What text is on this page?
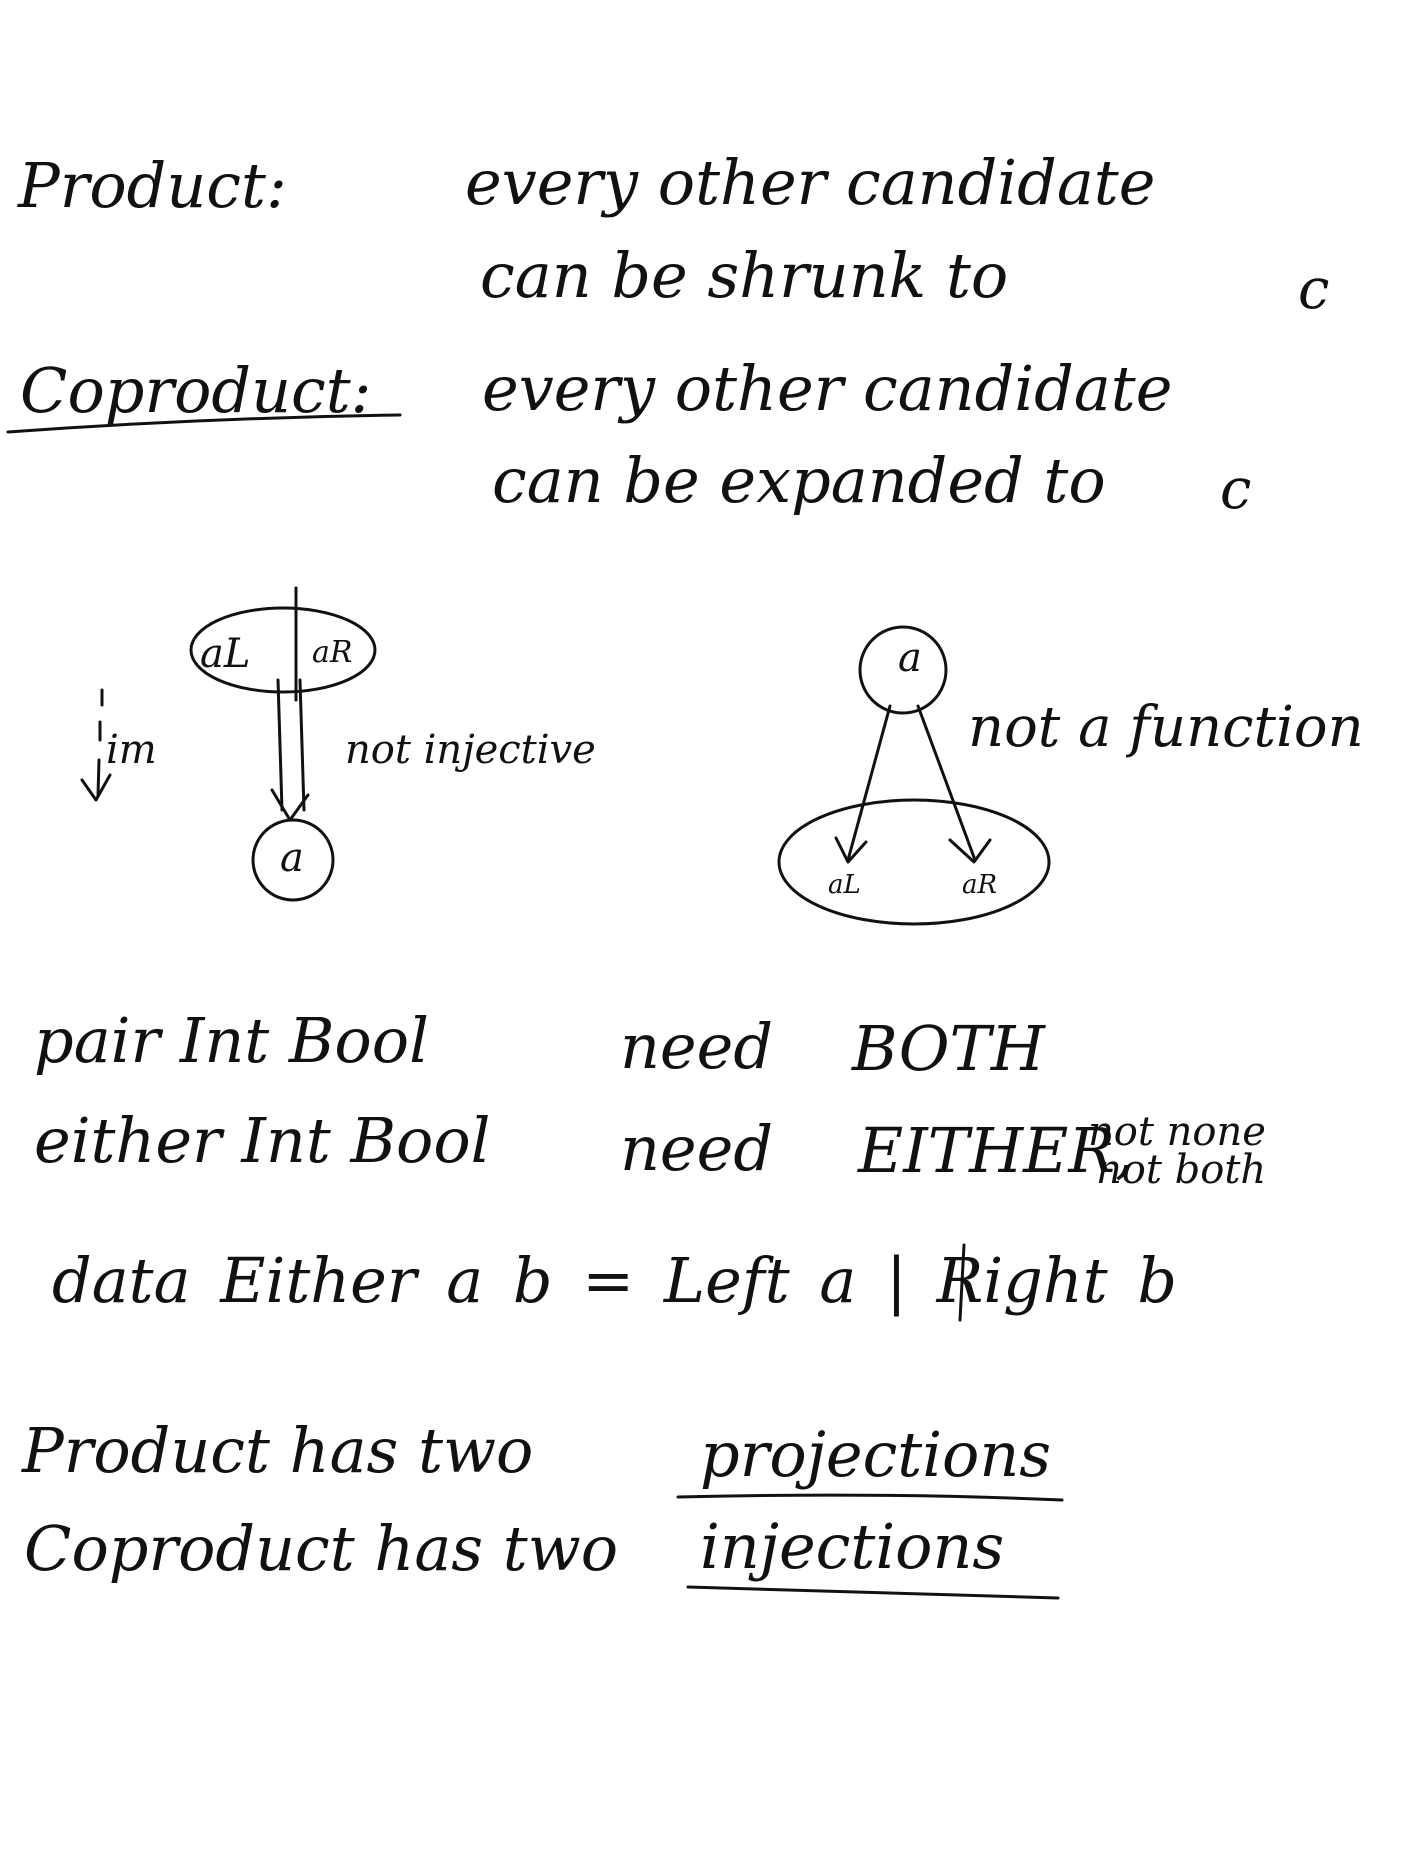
Product:	every other candidate
can be shrunk to	c
Coproduct: every other candidate
can be expanded to c
aL aR
a
im	not injective
a
aL	aR
not a function
pair Int Bool	need BOTH
either Int Bool need EITHER,
not none
not both
data Either a b = Left a | Right b
Product has two	projections
Coproduct has two injections
